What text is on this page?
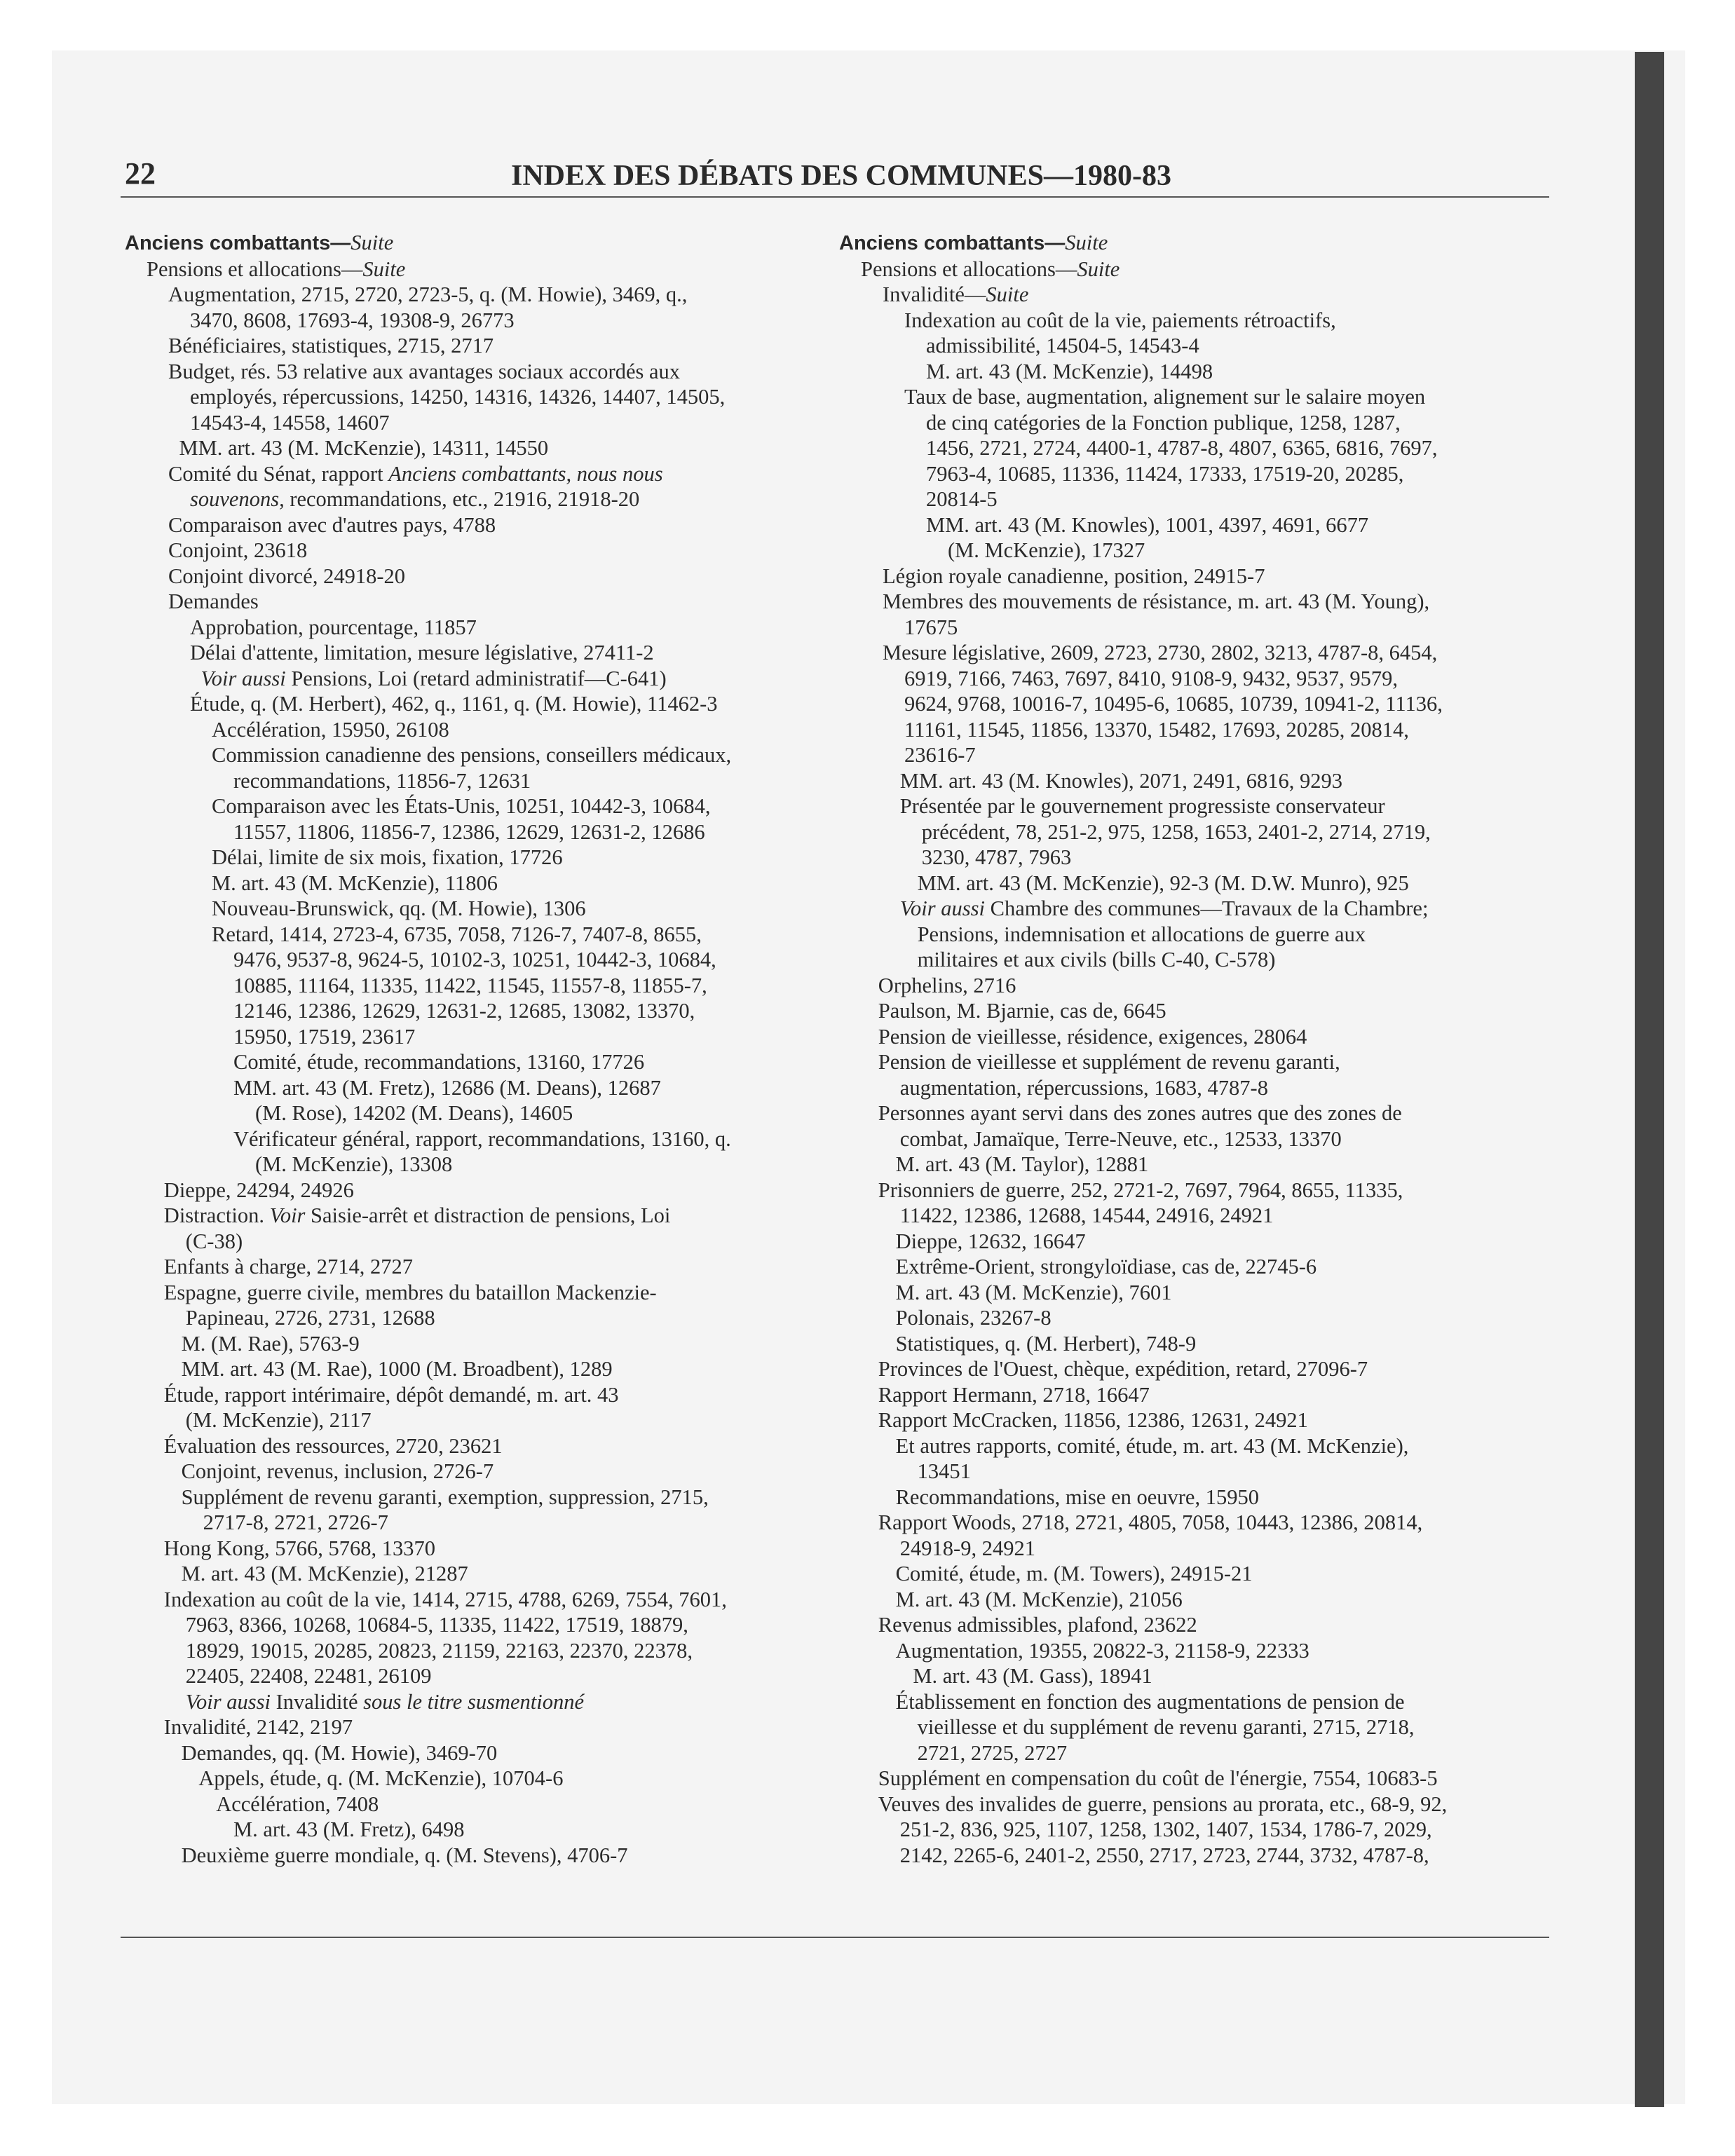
22	INDEX DES DÉBATS DES COMMUNES—1980-83
Anciens combattants—Suite
Pensions et allocations—Suite
Augmentation, 2715, 2720, 2723-5, q. (M. Howie), 3469, q.,
3470, 8608, 17693-4, 19308-9, 26773
Bénéficiaires, statistiques, 2715, 2717
Budget, rés. 53 relative aux avantages sociaux accordés aux
employés, répercussions, 14250, 14316, 14326, 14407, 14505,
14543-4, 14558, 14607
MM. art. 43 (M. McKenzie), 14311, 14550
Comité du Sénat, rapport Anciens combattants, nous nous
souvenons, recommandations, etc., 21916, 21918-20
Comparaison avec d'autres pays, 4788
Conjoint, 23618
Conjoint divorcé, 24918-20
Demandes
Approbation, pourcentage, 11857
Délai d'attente, limitation, mesure législative, 27411-2
Voir aussi Pensions, Loi (retard administratif—C-641)
Étude, q. (M. Herbert), 462, q., 1161, q. (M. Howie), 11462-3
Accélération, 15950, 26108
Commission canadienne des pensions, conseillers médicaux,
recommandations, 11856-7, 12631
Comparaison avec les États-Unis, 10251, 10442-3, 10684,
11557, 11806, 11856-7, 12386, 12629, 12631-2, 12686
Délai, limite de six mois, fixation, 17726
M. art. 43 (M. McKenzie), 11806
Nouveau-Brunswick, qq. (M. Howie), 1306
Retard, 1414, 2723-4, 6735, 7058, 7126-7, 7407-8, 8655,
9476, 9537-8, 9624-5, 10102-3, 10251, 10442-3, 10684,
10885, 11164, 11335, 11422, 11545, 11557-8, 11855-7,
12146, 12386, 12629, 12631-2, 12685, 13082, 13370,
15950, 17519, 23617
Comité, étude, recommandations, 13160, 17726
MM. art. 43 (M. Fretz), 12686 (M. Deans), 12687
(M. Rose), 14202 (M. Deans), 14605
Vérificateur général, rapport, recommandations, 13160, q.
(M. McKenzie), 13308
Dieppe, 24294, 24926
Distraction. Voir Saisie-arrêt et distraction de pensions, Loi
(C-38)
Enfants à charge, 2714, 2727
Espagne, guerre civile, membres du bataillon Mackenzie-
Papineau, 2726, 2731, 12688
M. (M. Rae), 5763-9
MM. art. 43 (M. Rae), 1000 (M. Broadbent), 1289
Étude, rapport intérimaire, dépôt demandé, m. art. 43
(M. McKenzie), 2117
Évaluation des ressources, 2720, 23621
Conjoint, revenus, inclusion, 2726-7
Supplément de revenu garanti, exemption, suppression, 2715,
2717-8, 2721, 2726-7
Hong Kong, 5766, 5768, 13370
M. art. 43 (M. McKenzie), 21287
Indexation au coût de la vie, 1414, 2715, 4788, 6269, 7554, 7601,
7963, 8366, 10268, 10684-5, 11335, 11422, 17519, 18879,
18929, 19015, 20285, 20823, 21159, 22163, 22370, 22378,
22405, 22408, 22481, 26109
Voir aussi Invalidité sous le titre susmentionné
Invalidité, 2142, 2197
Demandes, qq. (M. Howie), 3469-70
Appels, étude, q. (M. McKenzie), 10704-6
Accélération, 7408
M. art. 43 (M. Fretz), 6498
Deuxième guerre mondiale, q. (M. Stevens), 4706-7
Anciens combattants—Suite
Pensions et allocations—Suite
Invalidité—Suite
Indexation au coût de la vie, paiements rétroactifs,
admissibilité, 14504-5, 14543-4
M. art. 43 (M. McKenzie), 14498
Taux de base, augmentation, alignement sur le salaire moyen
de cinq catégories de la Fonction publique, 1258, 1287,
1456, 2721, 2724, 4400-1, 4787-8, 4807, 6365, 6816, 7697,
7963-4, 10685, 11336, 11424, 17333, 17519-20, 20285,
20814-5
MM. art. 43 (M. Knowles), 1001, 4397, 4691, 6677
(M. McKenzie), 17327
Légion royale canadienne, position, 24915-7
Membres des mouvements de résistance, m. art. 43 (M. Young),
17675
Mesure législative, 2609, 2723, 2730, 2802, 3213, 4787-8, 6454,
6919, 7166, 7463, 7697, 8410, 9108-9, 9432, 9537, 9579,
9624, 9768, 10016-7, 10495-6, 10685, 10739, 10941-2, 11136,
11161, 11545, 11856, 13370, 15482, 17693, 20285, 20814,
23616-7
MM. art. 43 (M. Knowles), 2071, 2491, 6816, 9293
Présentée par le gouvernement progressiste conservateur
précédent, 78, 251-2, 975, 1258, 1653, 2401-2, 2714, 2719,
3230, 4787, 7963
MM. art. 43 (M. McKenzie), 92-3 (M. D.W. Munro), 925
Voir aussi Chambre des communes—Travaux de la Chambre;
Pensions, indemnisation et allocations de guerre aux
militaires et aux civils (bills C-40, C-578)
Orphelins, 2716
Paulson, M. Bjarnie, cas de, 6645
Pension de vieillesse, résidence, exigences, 28064
Pension de vieillesse et supplément de revenu garanti,
augmentation, répercussions, 1683, 4787-8
Personnes ayant servi dans des zones autres que des zones de
combat, Jamaïque, Terre-Neuve, etc., 12533, 13370
M. art. 43 (M. Taylor), 12881
Prisonniers de guerre, 252, 2721-2, 7697, 7964, 8655, 11335,
11422, 12386, 12688, 14544, 24916, 24921
Dieppe, 12632, 16647
Extrême-Orient, strongyloïdiase, cas de, 22745-6
M. art. 43 (M. McKenzie), 7601
Polonais, 23267-8
Statistiques, q. (M. Herbert), 748-9
Provinces de l'Ouest, chèque, expédition, retard, 27096-7
Rapport Hermann, 2718, 16647
Rapport McCracken, 11856, 12386, 12631, 24921
Et autres rapports, comité, étude, m. art. 43 (M. McKenzie),
13451
Recommandations, mise en oeuvre, 15950
Rapport Woods, 2718, 2721, 4805, 7058, 10443, 12386, 20814,
24918-9, 24921
Comité, étude, m. (M. Towers), 24915-21
M. art. 43 (M. McKenzie), 21056
Revenus admissibles, plafond, 23622
Augmentation, 19355, 20822-3, 21158-9, 22333
M. art. 43 (M. Gass), 18941
Établissement en fonction des augmentations de pension de
vieillesse et du supplément de revenu garanti, 2715, 2718,
2721, 2725, 2727
Supplément en compensation du coût de l'énergie, 7554, 10683-5
Veuves des invalides de guerre, pensions au prorata, etc., 68-9, 92,
251-2, 836, 925, 1107, 1258, 1302, 1407, 1534, 1786-7, 2029,
2142, 2265-6, 2401-2, 2550, 2717, 2723, 2744, 3732, 4787-8,
